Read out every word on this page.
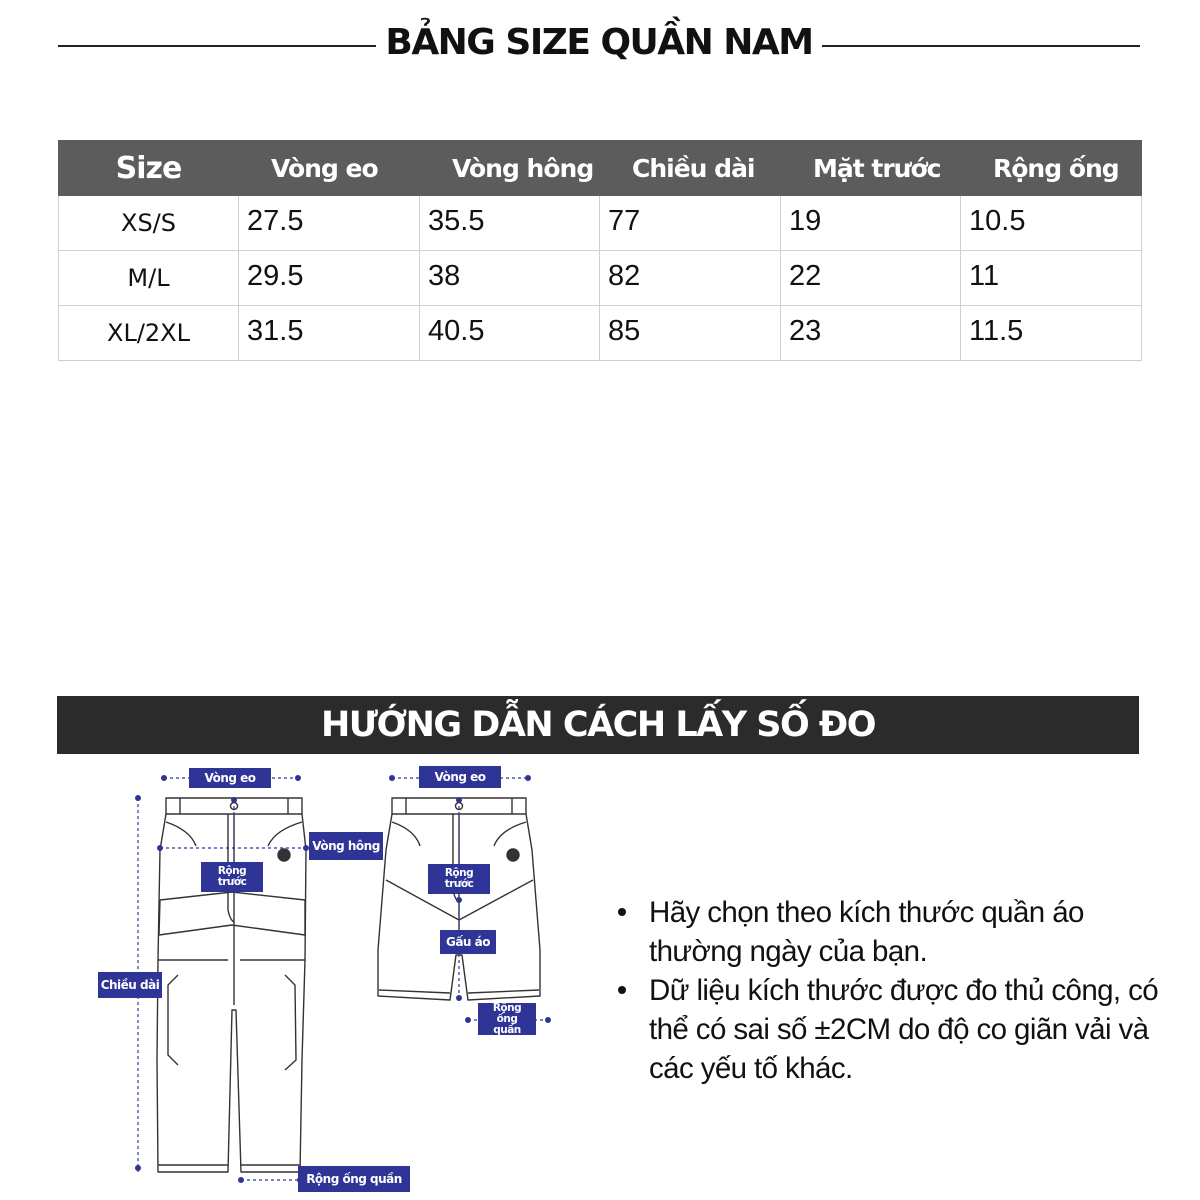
BẢNG SIZE QUẦN NAM
Size	Vòng eo	Vòng hông	Chiều dài	Mặt trước	Rộng ống
XS/S	27.5	35.5	77	19	10.5
M/L	29.5	38	82	22	11
XL/2XL	31.5	40.5	85	23	11.5
HƯỚNG DẪN CÁCH LẤY SỐ ĐO
Vòng eo
Vòng hông
Rộng trước
Chiều dài
Rộng ống quần
Vòng eo
Rộng trước
Gấu áo
Rộng ống quần
Hãy chọn theo kích thước quần áo thường ngày của bạn.
Dữ liệu kích thước được đo thủ công, có thể có sai số ±2CM do độ co giãn vải và các yếu tố khác.
